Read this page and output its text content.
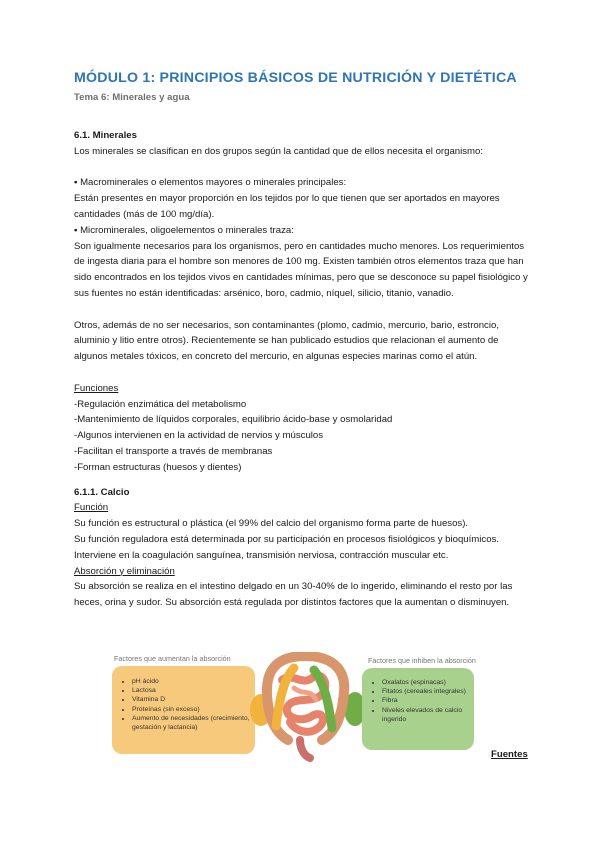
MÓDULO 1: PRINCIPIOS BÁSICOS DE NUTRICIÓN Y DIETÉTICA
Tema 6: Minerales y agua

6.1. Minerales

Los minerales se clasifican en dos grupos según la cantidad que de ellos necesita el organismo:

▪ Macrominerales o elementos mayores o minerales principales:

Están presentes en mayor proporción en los tejidos por lo que tienen que ser aportados en mayores cantidades (más de 100 mg/día).

▪ Microminerales, oligoelementos o minerales traza:

Son igualmente necesarios para los organismos, pero en cantidades mucho menores. Los requerimientos de ingesta diaria para el hombre son menores de 100 mg. Existen también otros elementos traza que han sido encontrados en los tejidos vivos en cantidades mínimas, pero que se desconoce su papel fisiológico y sus fuentes no están identificadas: arsénico, boro, cadmio, níquel, silicio, titanio, vanadio.

Otros, además de no ser necesarios, son contaminantes (plomo, cadmio, mercurio, bario, estroncio, aluminio y litio entre otros). Recientemente se han publicado estudios que relacionan el aumento de algunos metales tóxicos, en concreto del mercurio, en algunas especies marinas como el atún.

Funciones

-Regulación enzimática del metabolismo

-Mantenimiento de líquidos corporales, equilibrio ácido-base y osmolaridad

-Algunos intervienen en la actividad de nervios y músculos

-Facilitan el transporte a través de membranas

-Forman estructuras (huesos y dientes)

6.1.1. Calcio

Función

Su función es estructural o plástica (el 99% del calcio del organismo forma parte de huesos).

Su función reguladora está determinada por su participación en procesos fisiológicos y bioquímicos.

Interviene en la coagulación sanguínea, transmisión nerviosa, contracción muscular etc.

Absorción y eliminación

Su absorción se realiza en el intestino delgado en un 30-40% de lo ingerido, eliminando el resto por las heces, orina y sudor. Su absorción está regulada por distintos factores que la aumentan o disminuyen.

Factores que aumentan la absorción
• pH ácido
• Lactosa
• Vitamina D
• Proteínas (sin exceso)
• Aumento de necesidades (crecimiento, gestación y lactancia)
Factores que inhiben la absorción
• Oxalatos (espinacas)
• Fitatos (cereales integrales)
• Fibra
• Niveles elevados de calcio ingerido
Fuentes
